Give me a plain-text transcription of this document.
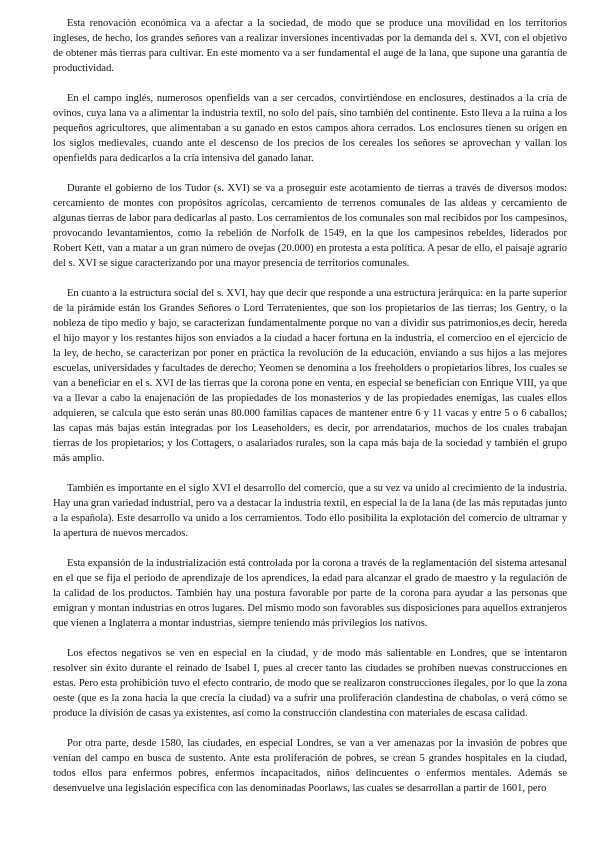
Esta renovación económica va a afectar a la sociedad, de modo que se produce una movilidad en los territorios ingleses, de hecho, los grandes señores van a realizar inversiones incentivadas por la demanda del s. XVI, con el objetivo de obtener más tierras para cultivar. En este momento va a ser fundamental el auge de la lana, que supone una garantía de productividad.

En el campo inglés, numerosos openfields van a ser cercados, convirtiéndose en enclosures, destinados a la cría de ovinos, cuya lana va a alimentar la industria textil, no solo del país, sino también del continente. Esto lleva a la ruina a los pequeños agricultores, que alimentaban a su ganado en estos campos ahora cerrados. Los enclosures tienen su origen en los siglos medievales, cuando ante el descenso de los precios de los cereales los señores se aprovechan y vallan los openfields para dedicarlos a la cría intensiva del ganado lanar.

Durante el gobierno de los Tudor (s. XVI) se va a proseguir este acotamiento de tierras a través de diversos modos: cercamiento de montes con propósitos agrícolas, cercamiento de terrenos comunales de las aldeas y cercamiento de algunas tierras de labor para dedicarlas al pasto. Los cerramientos de los comunales son mal recibidos por los campesinos, provocando levantamientos, como la rebelión de Norfolk de 1549, en la que los campesinos rebeldes, liderados por Robert Kett, van a matar a un gran número de ovejas (20.000) en protesta a esta política. A pesar de ello, el paisaje agrario del s. XVI se sigue caracterizando por una mayor presencia de territorios comunales.

En cuanto a la estructura social del s. XVI, hay que decir que responde a una estructura jerárquica: en la parte superior de la pirámide están los Grandes Señores o Lord Terratenientes, que son los propietarios de las tierras; los Gentry, o la nobleza de tipo medio y bajo, se caracterizan fundamentalmente porque no van a dividir sus patrimonios,es decir, hereda el hijo mayor y los restantes hijos son enviados a la ciudad a hacer fortuna en la industria, el comercioo en el ejercicio de la ley, de hecho, se caracterizan por poner en práctica la revolución de la educación, enviando a sus hijos a las mejores escuelas, universidades y facultades de derecho; Yeomen se denomina a los freeholders o propietarios libres, los cuales se van a beneficiar en el s. XVI de las tierras que la corona pone en venta, en especial se benefician con Enrique VIII, ya que va a llevar a cabo la enajenación de las propiedades de los monasterios y de las propiedades enemigas, las cuales ellos adquieren, se calcula que esto serán unas 80.000 familias capaces de mantener entre 6 y 11 vacas y entre 5 o 6 caballos; las capas más bajas están integradas por los Leaseholders, es decir, por arrendatarios, muchos de los cuales trabajan tierras de los propietarios; y los Cottagers, o asalariados rurales, son la capa más baja de la sociedad y también el grupo más amplio.

También es importante en el siglo XVI el desarrollo del comercio, que a su vez va unido al crecimiento de la industria. Hay una gran variedad industrial, pero va a destacar la industria textil, en especial la de la lana (de las más reputadas junto a la española). Este desarrollo va unido a los cerramientos. Todo ello posibilita la explotación del comercio de ultramar y la apertura de nuevos mercados.

Esta expansión de la industrialización está controlada por la corona a través de la reglamentación del sistema artesanal en el que se fija el periodo de aprendizaje de los aprendices, la edad para alcanzar el grado de maestro y la regulación de la calidad de los productos. También hay una postura favorable por parte de la corona para ayudar a las personas que emigran y montan industrias en otros lugares. Del mismo modo son favorables sus disposiciones para aquellos extranjeros que vienen a Inglaterra a montar industrias, siempre teniendo más privilegios los nativos.

Los efectos negativos se ven en especial en la ciudad, y de modo más salientable en Londres, que se intentaron resolver sin éxito durante el reinado de Isabel I, pues al crecer tanto las ciudades se prohíben nuevas construcciones en estas. Pero esta prohibición tuvo el efecto contrario, de modo que se realizaron construcciones ilegales, por lo que la zona oeste (que es la zona hacia la que crecía la ciudad) va a sufrir una proliferación clandestina de chabolas, o verá cómo se produce la división de casas ya existentes, así como la construcción clandestina con materiales de escasa calidad.

Por otra parte, desde 1580, las ciudades, en especial Londres, se van a ver amenazas por la invasión de pobres que venían del campo en busca de sustento. Ante esta proliferación de pobres, se crean 5 grandes hospitales en la ciudad, todos ellos para enfermos pobres, enfermos incapacitados, niños delincuentes o enfermos mentales. Además se desenvuelve una legislación específica con las denominadas Poorlaws, las cuales se desarrollan a partir de 1601, pero
